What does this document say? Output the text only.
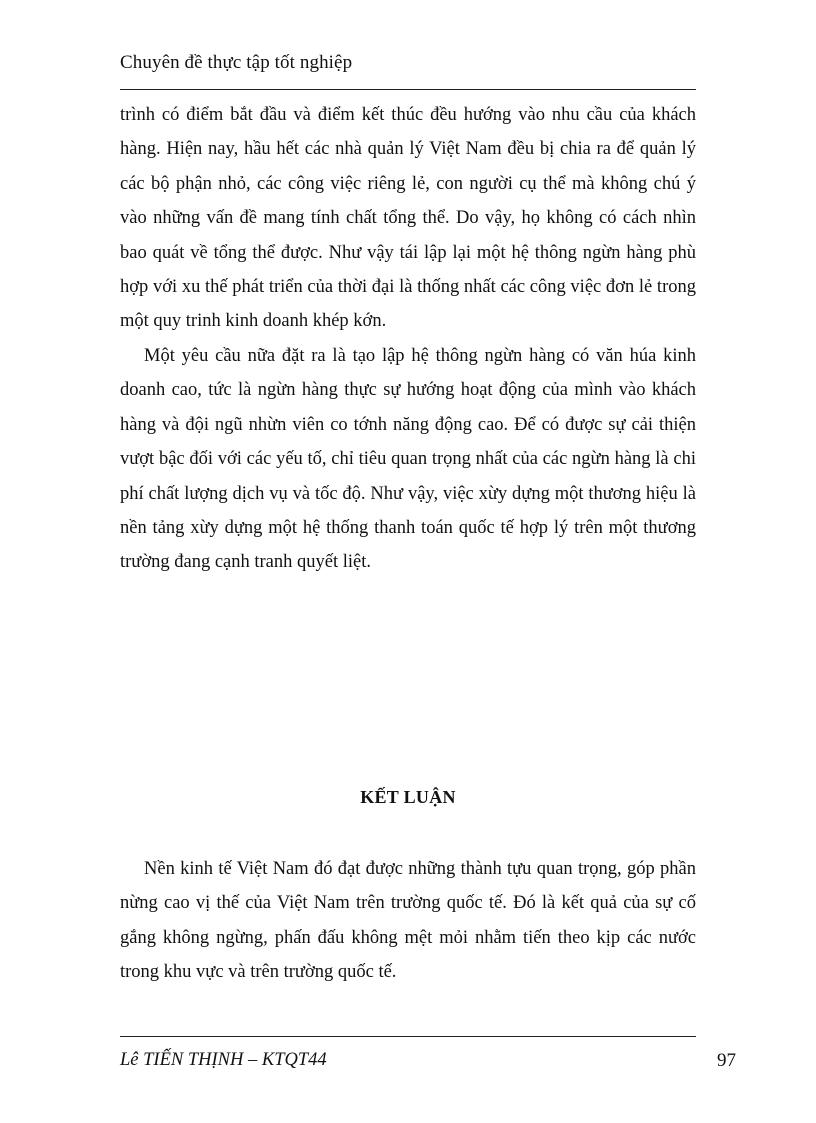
Chuyên đề thực tập tốt nghiệp

trình có điểm bắt đầu và điểm kết thúc đều hướng vào nhu cầu của khách hàng. Hiện nay, hầu hết các nhà quản lý Việt Nam đều bị chia ra để quản lý các bộ phận nhỏ, các công việc riêng lẻ, con người cụ thể mà không chú ý vào những vấn đề mang tính chất tổng thể. Do vậy, họ không có cách nhìn bao quát về tổng thể được. Như vậy tái lập lại một hệ thông ngừn hàng phù hợp với xu thế phát triển của thời đại là thống nhất các công việc đơn lẻ trong một quy trinh kinh doanh khép kớn.

Một yêu cầu nữa đặt ra là tạo lập hệ thông ngừn hàng có văn húa kinh doanh cao, tức là ngừn hàng thực sự hướng hoạt động của mình vào khách hàng và đội ngũ nhừn viên co tớnh năng động cao. Để có được sự cải thiện vượt bậc đối với các yếu tố, chỉ tiêu quan trọng nhất của các ngừn hàng là chi phí chất lượng dịch vụ và tốc độ. Như vậy, việc xừy dựng một thương hiệu là nền tảng xừy dựng một hệ thống thanh toán quốc tế hợp lý trên một thương trường đang cạnh tranh quyết liệt.

KẾT LUẬN

Nền kinh tế Việt Nam đó đạt được những thành tựu quan trọng, góp phần nừng cao vị thế của Việt Nam trên trường quốc tế. Đó là kết quả của sự cố gắng không ngừng, phấn đấu không mệt mỏi nhằm tiến theo kịp các nước trong khu vực và trên trường quốc tế.

Lê TIẾN THỊNH – KTQT44	97
